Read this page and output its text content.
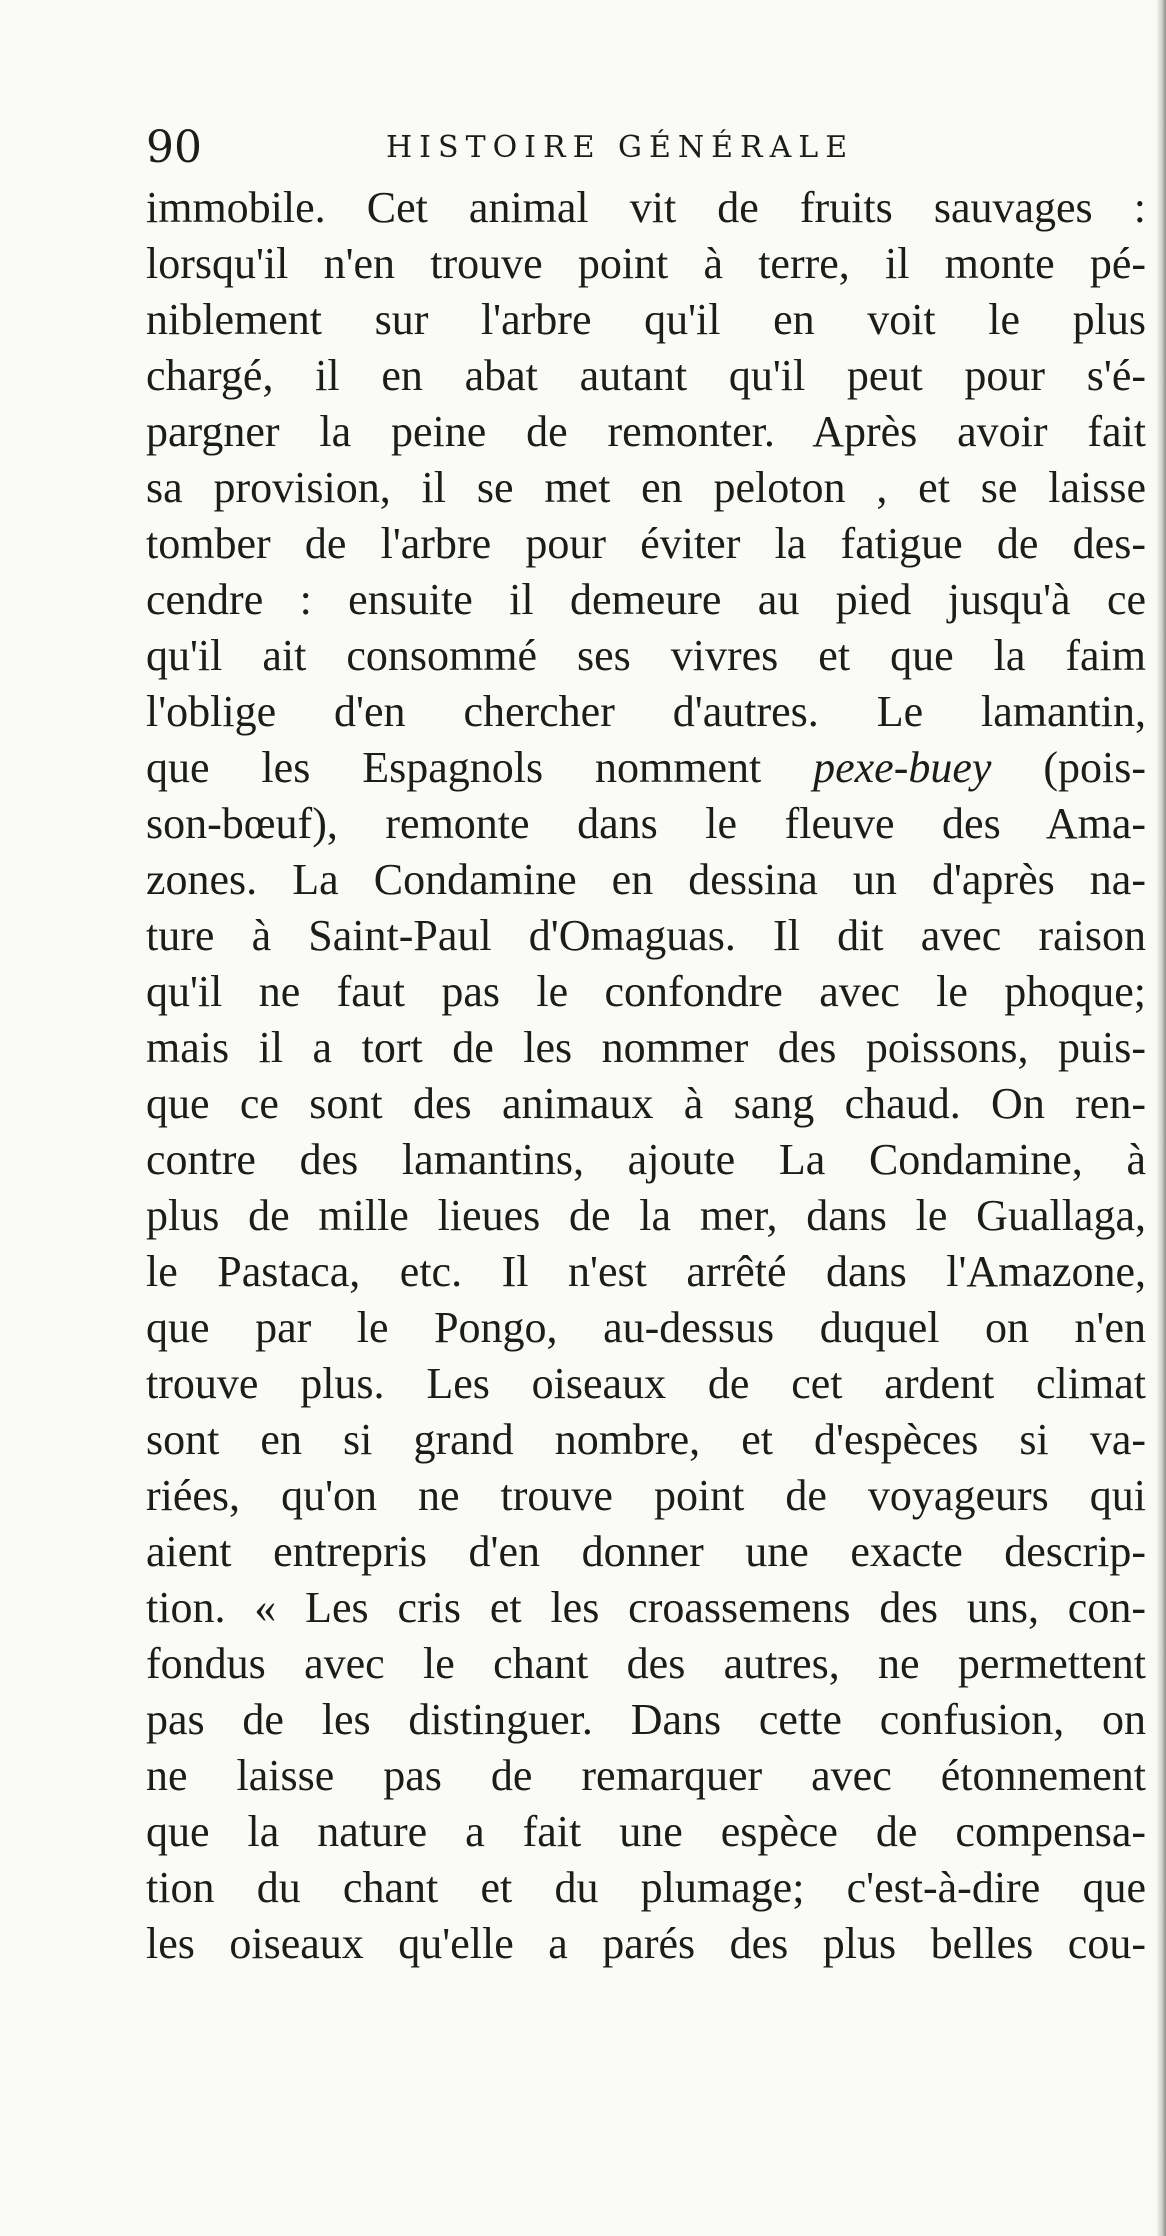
90	HISTOIRE GÉNÉRALE
immobile. Cet animal vit de fruits sauvages :
lorsqu'il n'en trouve point à terre, il monte pé-
niblement sur l'arbre qu'il en voit le plus
chargé, il en abat autant qu'il peut pour s'é-
pargner la peine de remonter. Après avoir fait
sa provision, il se met en peloton , et se laisse
tomber de l'arbre pour éviter la fatigue de des-
cendre : ensuite il demeure au pied jusqu'à ce
qu'il ait consommé ses vivres et que la faim
l'oblige d'en chercher d'autres. Le lamantin,
que les Espagnols nomment pexe-buey (pois-
son-bœuf), remonte dans le fleuve des Ama-
zones. La Condamine en dessina un d'après na-
ture à Saint-Paul d'Omaguas. Il dit avec raison
qu'il ne faut pas le confondre avec le phoque;
mais il a tort de les nommer des poissons, puis-
que ce sont des animaux à sang chaud. On ren-
contre des lamantins, ajoute La Condamine, à
plus de mille lieues de la mer, dans le Guallaga,
le Pastaca, etc. Il n'est arrêté dans l'Amazone,
que par le Pongo, au-dessus duquel on n'en
trouve plus. Les oiseaux de cet ardent climat
sont en si grand nombre, et d'espèces si va-
riées, qu'on ne trouve point de voyageurs qui
aient entrepris d'en donner une exacte descrip-
tion. « Les cris et les croassemens des uns, con-
fondus avec le chant des autres, ne permettent
pas de les distinguer. Dans cette confusion, on
ne laisse pas de remarquer avec étonnement
que la nature a fait une espèce de compensa-
tion du chant et du plumage; c'est-à-dire que
les oiseaux qu'elle a parés des plus belles cou-
